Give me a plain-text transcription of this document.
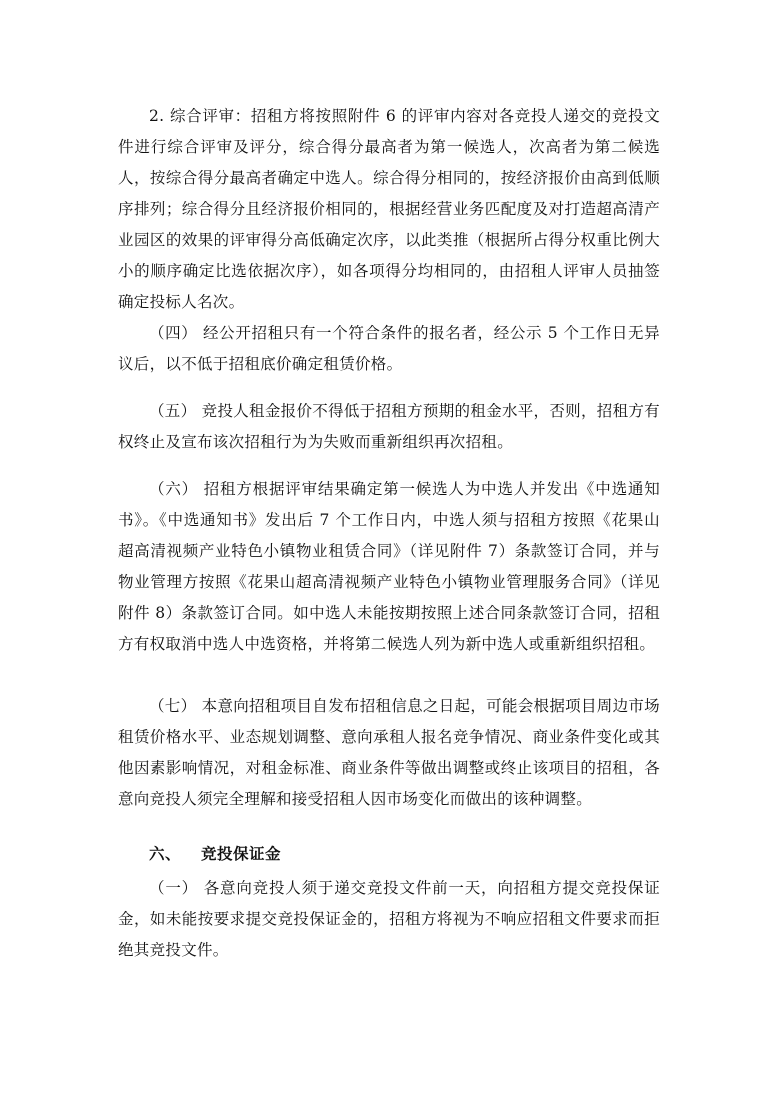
2. 综合评审：招租方将按照附件 6 的评审内容对各竞投人递交的竞投文件进行综合评审及评分，综合得分最高者为第一候选人，次高者为第二候选人，按综合得分最高者确定中选人。综合得分相同的，按经济报价由高到低顺序排列；综合得分且经济报价相同的，根据经营业务匹配度及对打造超高清产业园区的效果的评审得分高低确定次序，以此类推（根据所占得分权重比例大小的顺序确定比选依据次序），如各项得分均相同的，由招租人评审人员抽签确定投标人名次。

（四） 经公开招租只有一个符合条件的报名者，经公示 5 个工作日无异议后，以不低于招租底价确定租赁价格。

（五） 竞投人租金报价不得低于招租方预期的租金水平，否则，招租方有权终止及宣布该次招租行为为失败而重新组织再次招租。

（六） 招租方根据评审结果确定第一候选人为中选人并发出《中选通知书》。《中选通知书》发出后 7 个工作日内，中选人须与招租方按照《花果山超高清视频产业特色小镇物业租赁合同》（详见附件 7）条款签订合同，并与物业管理方按照《花果山超高清视频产业特色小镇物业管理服务合同》（详见附件 8）条款签订合同。如中选人未能按期按照上述合同条款签订合同，招租方有权取消中选人中选资格，并将第二候选人列为新中选人或重新组织招租。

（七） 本意向招租项目自发布招租信息之日起，可能会根据项目周边市场租赁价格水平、业态规划调整、意向承租人报名竞争情况、商业条件变化或其他因素影响情况，对租金标准、商业条件等做出调整或终止该项目的招租，各意向竞投人须完全理解和接受招租人因市场变化而做出的该种调整。

六、 竞投保证金

（一） 各意向竞投人须于递交竞投文件前一天，向招租方提交竞投保证金，如未能按要求提交竞投保证金的，招租方将视为不响应招租文件要求而拒绝其竞投文件。
